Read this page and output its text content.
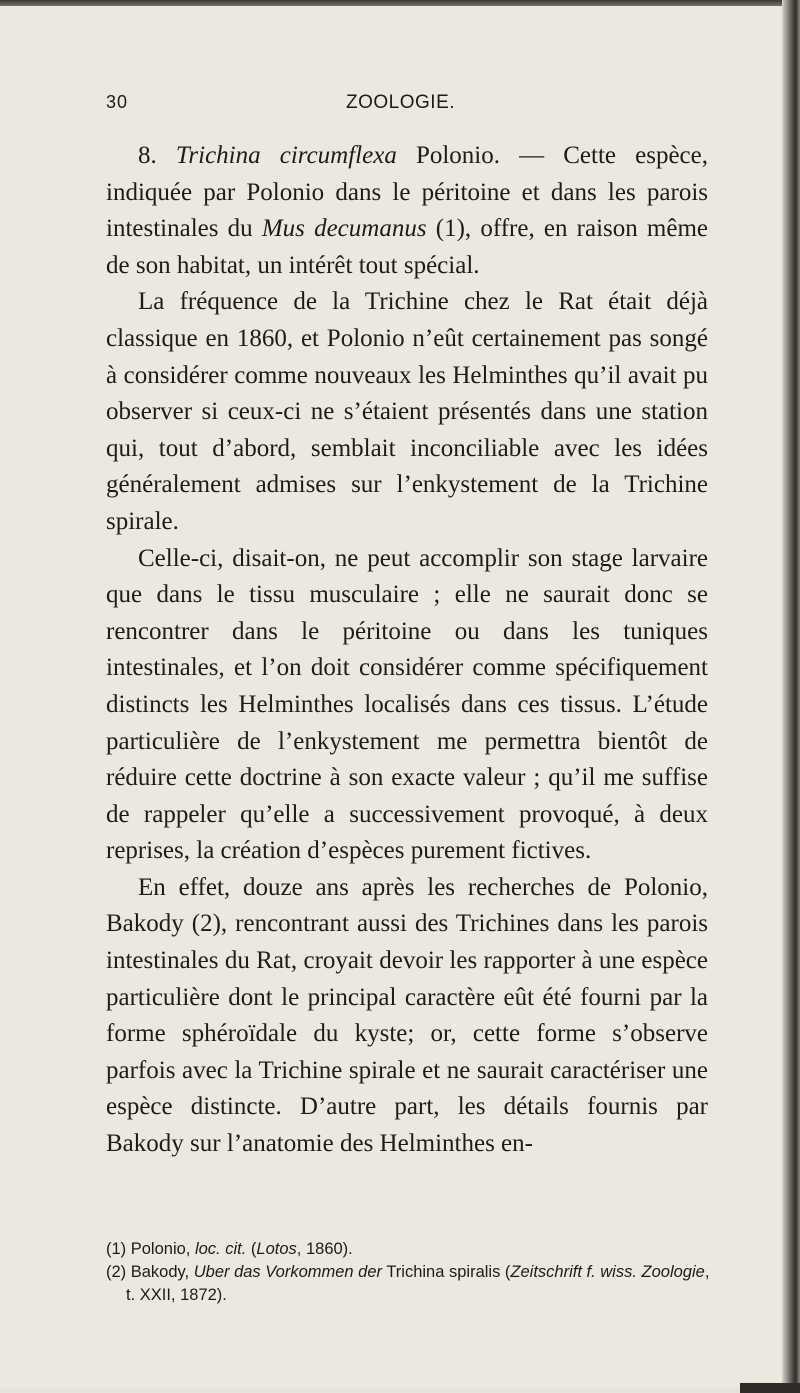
30	ZOOLOGIE.

8. Trichina circumflexa Polonio. — Cette espèce, indiquée par Polonio dans le péritoine et dans les parois intestinales du Mus decumanus (1), offre, en raison même de son habitat, un intérêt tout spécial.

La fréquence de la Trichine chez le Rat était déjà classique en 1860, et Polonio n’eût certainement pas songé à considérer comme nouveaux les Helminthes qu’il avait pu observer si ceux-ci ne s’étaient présentés dans une station qui, tout d’abord, semblait inconciliable avec les idées généralement admises sur l’enkystement de la Trichine spirale.

Celle-ci, disait-on, ne peut accomplir son stage larvaire que dans le tissu musculaire ; elle ne saurait donc se rencontrer dans le péritoine ou dans les tuniques intestinales, et l’on doit considérer comme spécifiquement distincts les Helminthes localisés dans ces tissus. L’étude particulière de l’enkystement me permettra bientôt de réduire cette doctrine à son exacte valeur ; qu’il me suffise de rappeler qu’elle a successivement provoqué, à deux reprises, la création d’espèces purement fictives.

En effet, douze ans après les recherches de Polonio, Bakody (2), rencontrant aussi des Trichines dans les parois intestinales du Rat, croyait devoir les rapporter à une espèce particulière dont le principal caractère eût été fourni par la forme sphéroïdale du kyste; or, cette forme s’observe parfois avec la Trichine spirale et ne saurait caractériser une espèce distincte. D’autre part, les détails fournis par Bakody sur l’anatomie des Helminthes en-

(1) Polonio, loc. cit. (Lotos, 1860).

(2) Bakody, Uber das Vorkommen der Trichina spiralis (Zeitschrift f. wiss. Zoologie, t. XXII, 1872).
